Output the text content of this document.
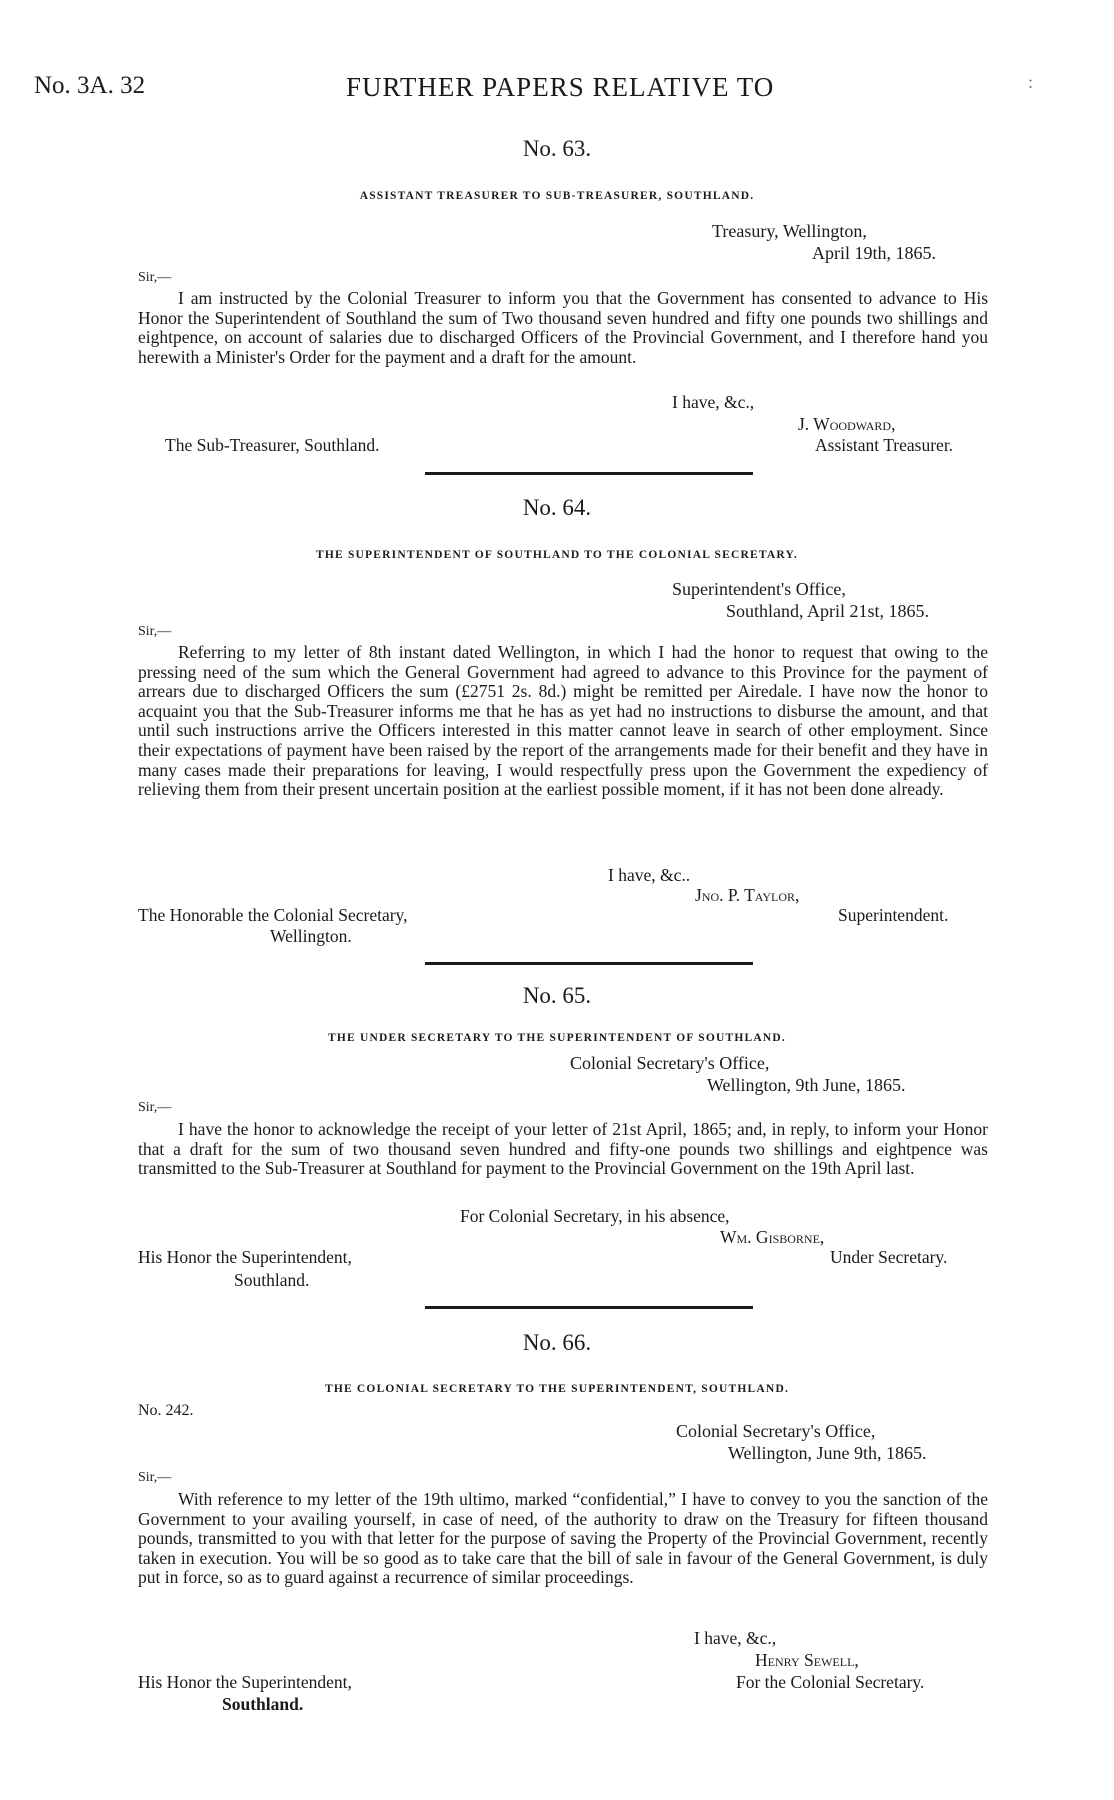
No. 3A. 32	FURTHER PAPERS RELATIVE TO	:
No. 63.
ASSISTANT TREASURER TO SUB-TREASURER, SOUTHLAND.
Treasury, Wellington,
April 19th, 1865.
Sir,—

I am instructed by the Colonial Treasurer to inform you that the Government has consented to advance to His Honor the Superintendent of Southland the sum of Two thousand seven hundred and fifty one pounds two shillings and eightpence, on account of salaries due to discharged Officers of the Provincial Government, and I therefore hand you herewith a Minister's Order for the payment and a draft for the amount.

I have, &c.,
J. Woodward,
The Sub-Treasurer, Southland.	Assistant Treasurer.
No. 64.
THE SUPERINTENDENT OF SOUTHLAND TO THE COLONIAL SECRETARY.
Superintendent's Office,
Southland, April 21st, 1865.
Sir,—

Referring to my letter of 8th instant dated Wellington, in which I had the honor to request that owing to the pressing need of the sum which the General Government had agreed to advance to this Province for the payment of arrears due to discharged Officers the sum (£2751 2s. 8d.) might be remitted per Airedale. I have now the honor to acquaint you that the Sub-Treasurer informs me that he has as yet had no instructions to disburse the amount, and that until such instructions arrive the Officers interested in this matter cannot leave in search of other employment. Since their expectations of payment have been raised by the report of the arrangements made for their benefit and they have in many cases made their preparations for leaving, I would respectfully press upon the Government the expediency of relieving them from their present uncertain position at the earliest possible moment, if it has not been done already.

I have, &c..
Jno. P. Taylor,
The Honorable the Colonial Secretary,	Superintendent.
Wellington.
No. 65.
THE UNDER SECRETARY TO THE SUPERINTENDENT OF SOUTHLAND.
Colonial Secretary's Office,
Wellington, 9th June, 1865.
Sir,—

I have the honor to acknowledge the receipt of your letter of 21st April, 1865; and, in reply, to inform your Honor that a draft for the sum of two thousand seven hundred and fifty-one pounds two shillings and eightpence was transmitted to the Sub-Treasurer at Southland for payment to the Provincial Government on the 19th April last.

For Colonial Secretary, in his absence,
Wm. Gisborne,
His Honor the Superintendent,	Under Secretary.
Southland.
No. 66.
THE COLONIAL SECRETARY TO THE SUPERINTENDENT, SOUTHLAND.
No. 242.
Colonial Secretary's Office,
Wellington, June 9th, 1865.
Sir,—

With reference to my letter of the 19th ultimo, marked “confidential,” I have to convey to you the sanction of the Government to your availing yourself, in case of need, of the authority to draw on the Treasury for fifteen thousand pounds, transmitted to you with that letter for the purpose of saving the Property of the Provincial Government, recently taken in execution. You will be so good as to take care that the bill of sale in favour of the General Government, is duly put in force, so as to guard against a recurrence of similar proceedings.

I have, &c.,
Henry Sewell,
His Honor the Superintendent,	For the Colonial Secretary.
Southland.
